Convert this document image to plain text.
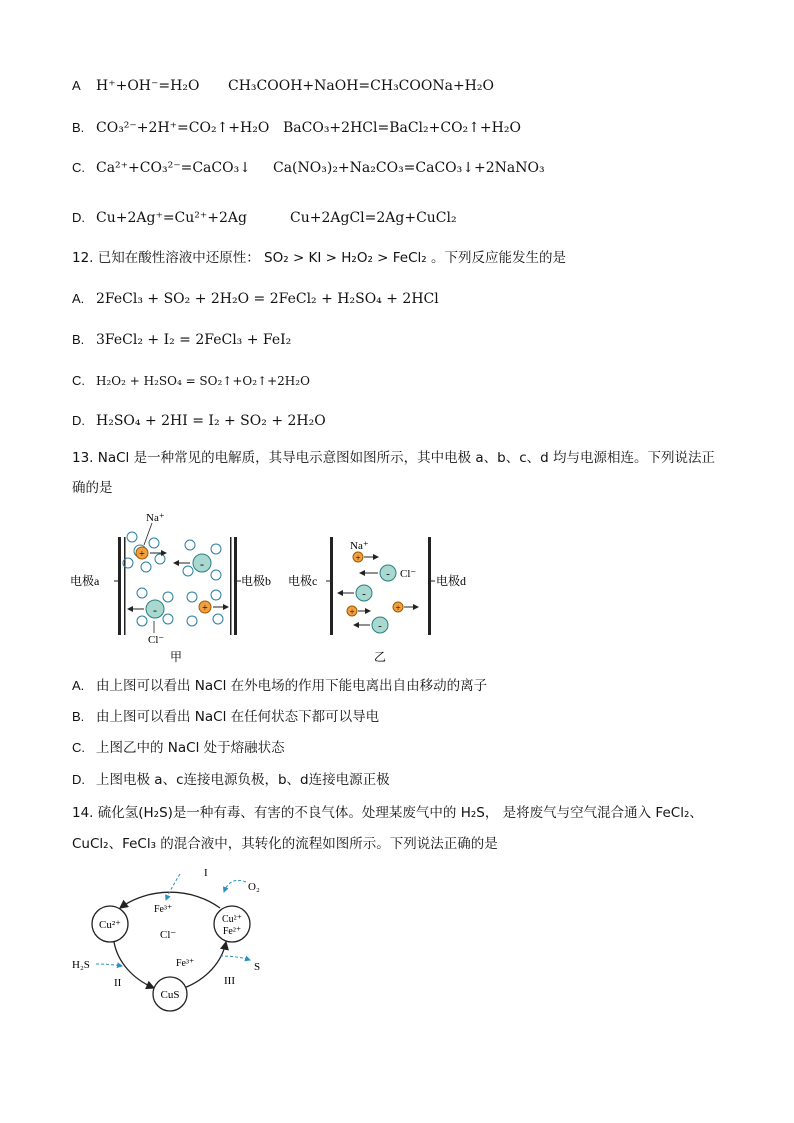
A H⁺+OH⁻=H₂O CH₃COOH+NaOH=CH₃COONa+H₂O
B. CO₃²⁻+2H⁺=CO₂↑+H₂O BaCO₃+2HCl=BaCl₂+CO₂↑+H₂O
C. Ca²⁺+CO₃²⁻=CaCO₃↓ Ca(NO₃)₂+Na₂CO₃=CaCO₃↓+2NaNO₃
D. Cu+2Ag⁺=Cu²⁺+2Ag	Cu+2AgCl=2Ag+CuCl₂
12. 已知在酸性溶液中还原性： SO₂ > KI > H₂O₂ > FeCl₂ 。下列反应能发生的是
A. 2FeCl₃ + SO₂ + 2H₂O = 2FeCl₂ + H₂SO₄ + 2HCl
B. 3FeCl₂ + I₂ = 2FeCl₃ + FeI₂
C. H₂O₂ + H₂SO₄ = SO₂↑+O₂↑+2H₂O
D. H₂SO₄ + 2HI = I₂ + SO₂ + 2H₂O
13. NaCl 是一种常见的电解质，其导电示意图如图所示，其中电极 a、b、c、d 均与电源相连。下列说法正
确的是
电极a	电极b
+
Na⁺
-
-
Cl⁻
+
甲
电极c	电极d
Na⁺
+
- Cl⁻
-
+	+
-
乙
A. 由上图可以看出 NaCl 在外电场的作用下能电离出自由移动的离子
B. 由上图可以看出 NaCl 在任何状态下都可以导电
C. 上图乙中的 NaCl 处于熔融状态
D. 上图电极 a、c连接电源负极，b、d连接电源正极
14. 硫化氢(H₂S)是一种有毒、有害的不良气体。处理某废气中的 H₂S， 是将废气与空气混合通入 FeCl₂、
CuCl₂、FeCl₃ 的混合液中，其转化的流程如图所示。下列说法正确的是
Cu²⁺
CuS
Cu²⁺
Fe²⁺
Fe³⁺
Cl⁻
Fe³⁺
I
II	III
O₂
H₂S	S
